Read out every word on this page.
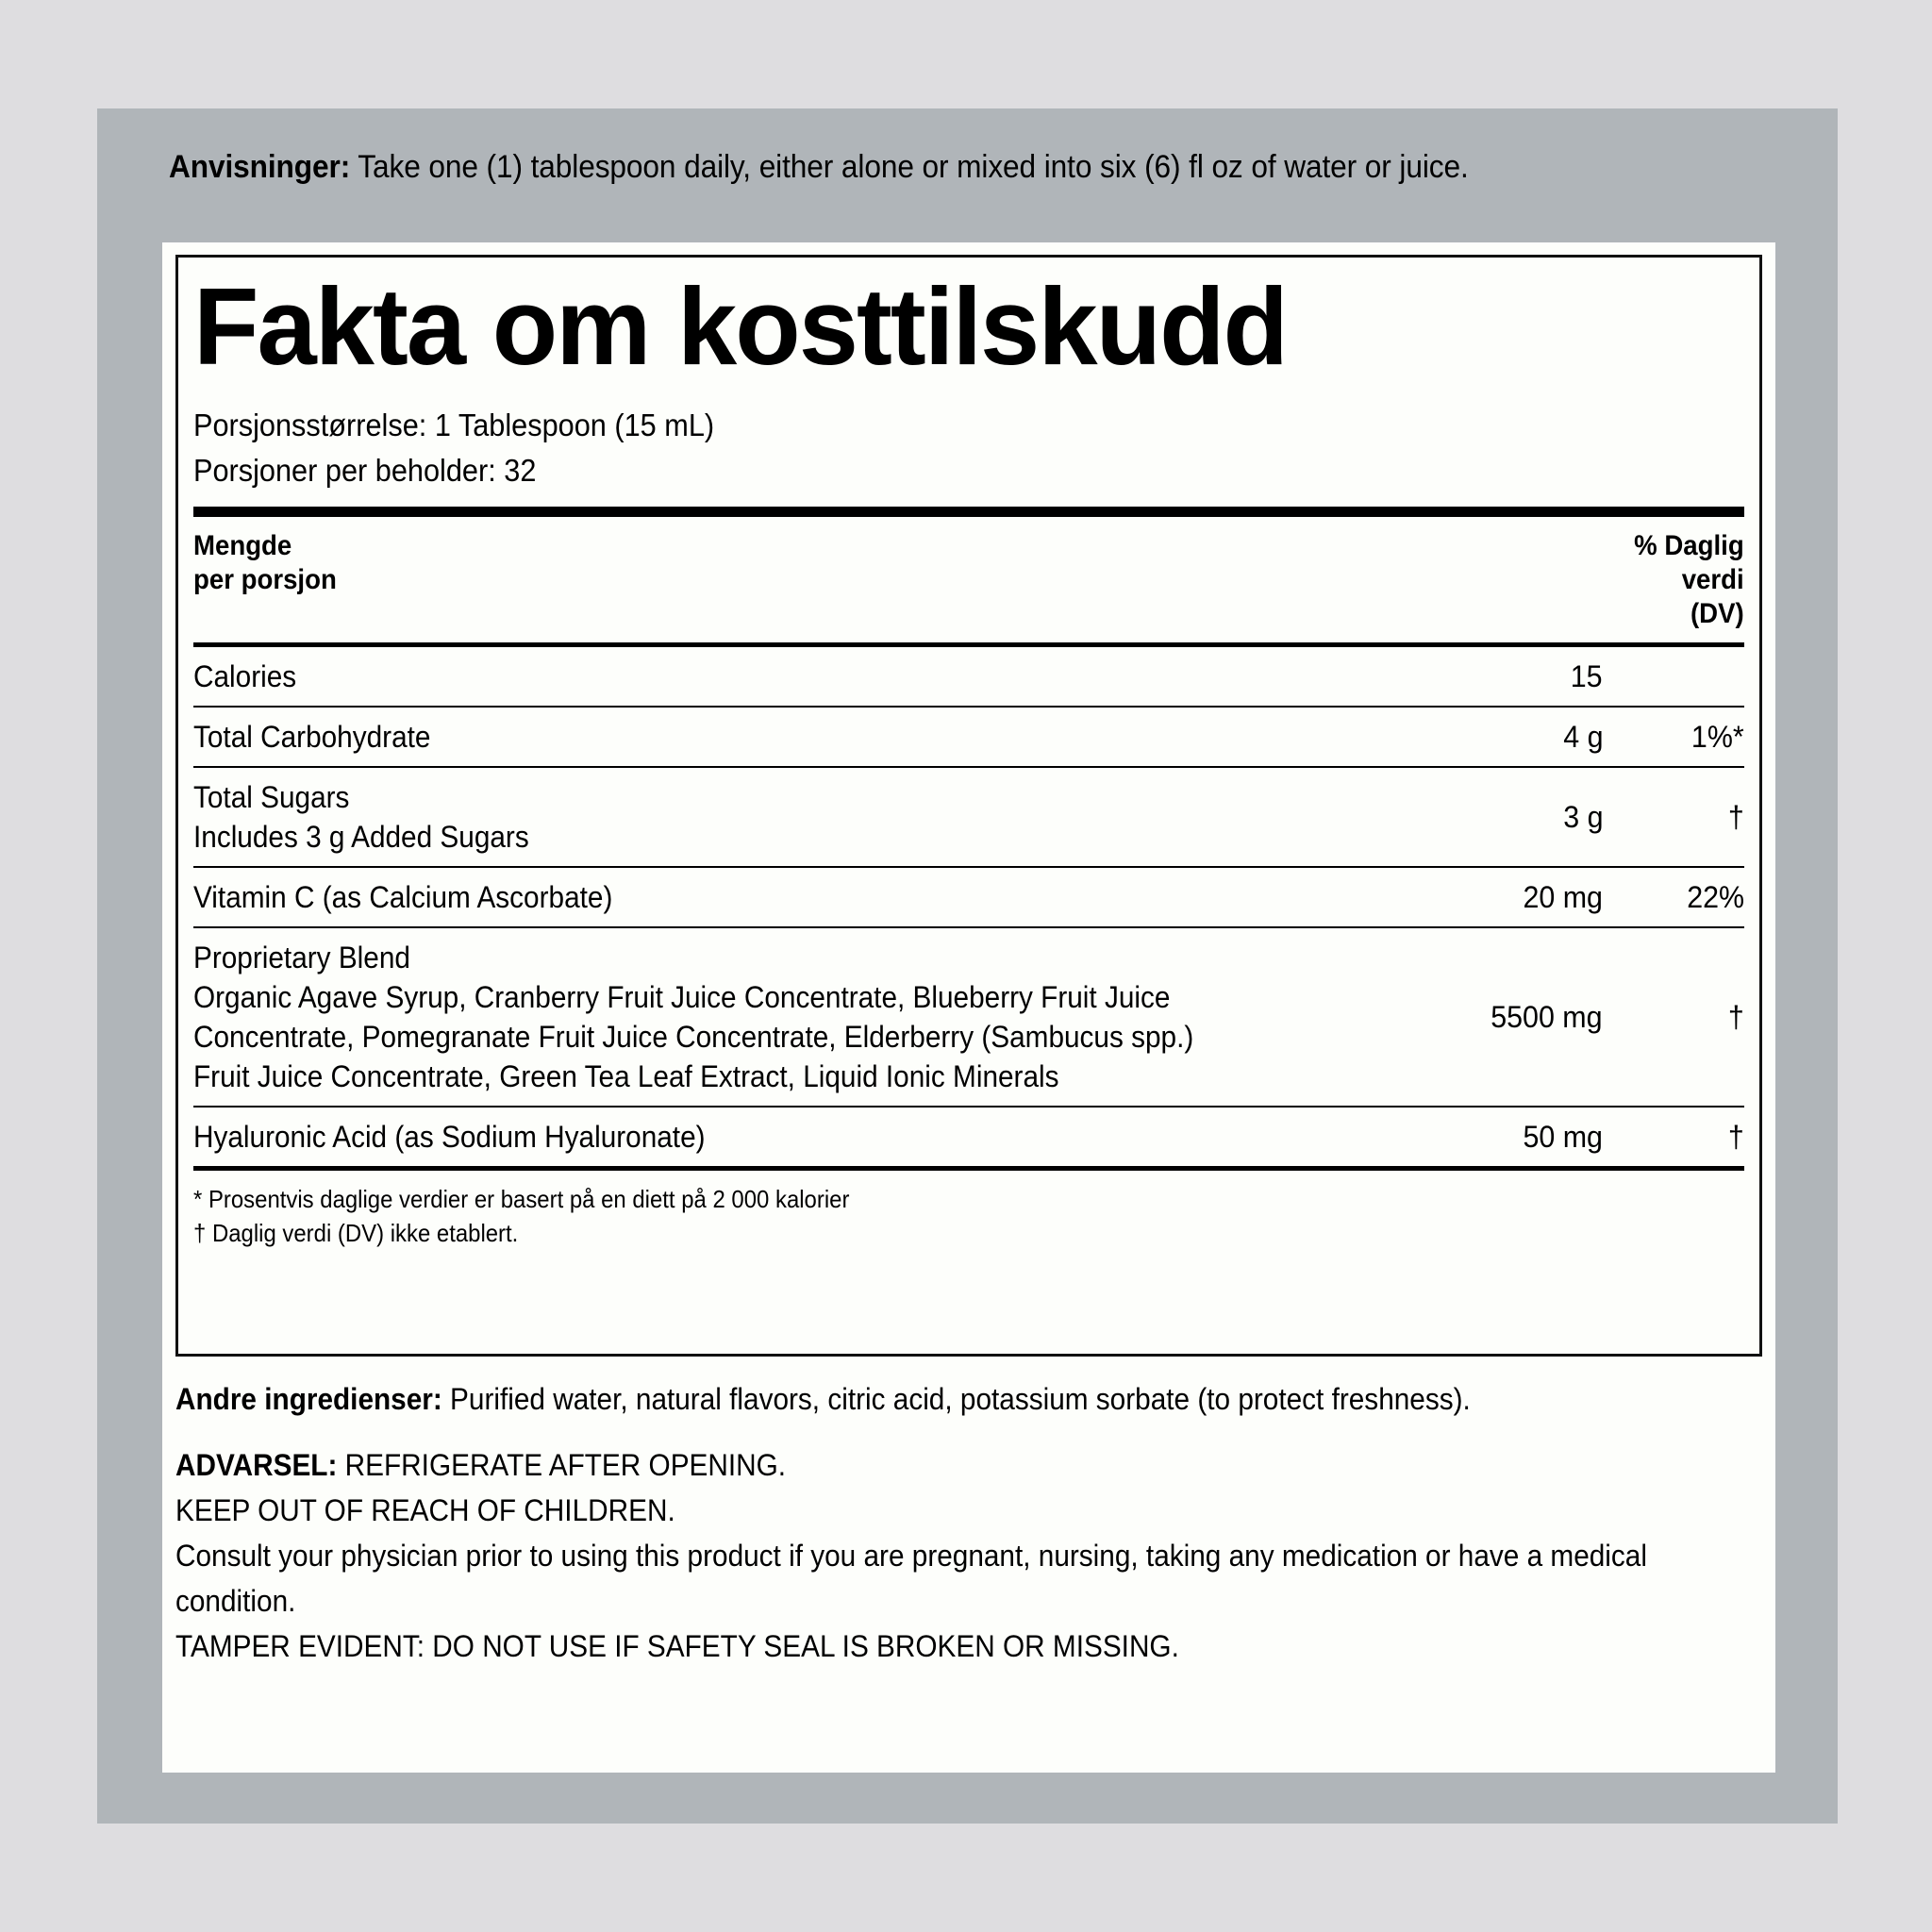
Anvisninger: Take one (1) tablespoon daily, either alone or mixed into six (6) fl oz of water or juice.
Fakta om kosttilskudd
Porsjonsstørrelse: 1 Tablespoon (15 mL)
Porsjoner per beholder: 32
Mengde
per porsjon
% Daglig
verdi
(DV)
Calories	15	

Total Carbohydrate	4 g	1%*

Total Sugars
Includes 3 g Added Sugars	3 g	†

Vitamin C (as Calcium Ascorbate)	20 mg	22%

Proprietary Blend
Organic Agave Syrup, Cranberry Fruit Juice Concentrate, Blueberry Fruit Juice
Concentrate, Pomegranate Fruit Juice Concentrate, Elderberry (Sambucus spp.)
Fruit Juice Concentrate, Green Tea Leaf Extract, Liquid Ionic Minerals	5500 mg	†

Hyaluronic Acid (as Sodium Hyaluronate)	50 mg	†
* Prosentvis daglige verdier er basert på en diett på 2 000 kalorier
† Daglig verdi (DV) ikke etablert.
Andre ingredienser: Purified water, natural flavors, citric acid, potassium sorbate (to protect freshness).
ADVARSEL: REFRIGERATE AFTER OPENING.
KEEP OUT OF REACH OF CHILDREN.
Consult your physician prior to using this product if you are pregnant, nursing, taking any medication or have a medical
condition.
TAMPER EVIDENT: DO NOT USE IF SAFETY SEAL IS BROKEN OR MISSING.
